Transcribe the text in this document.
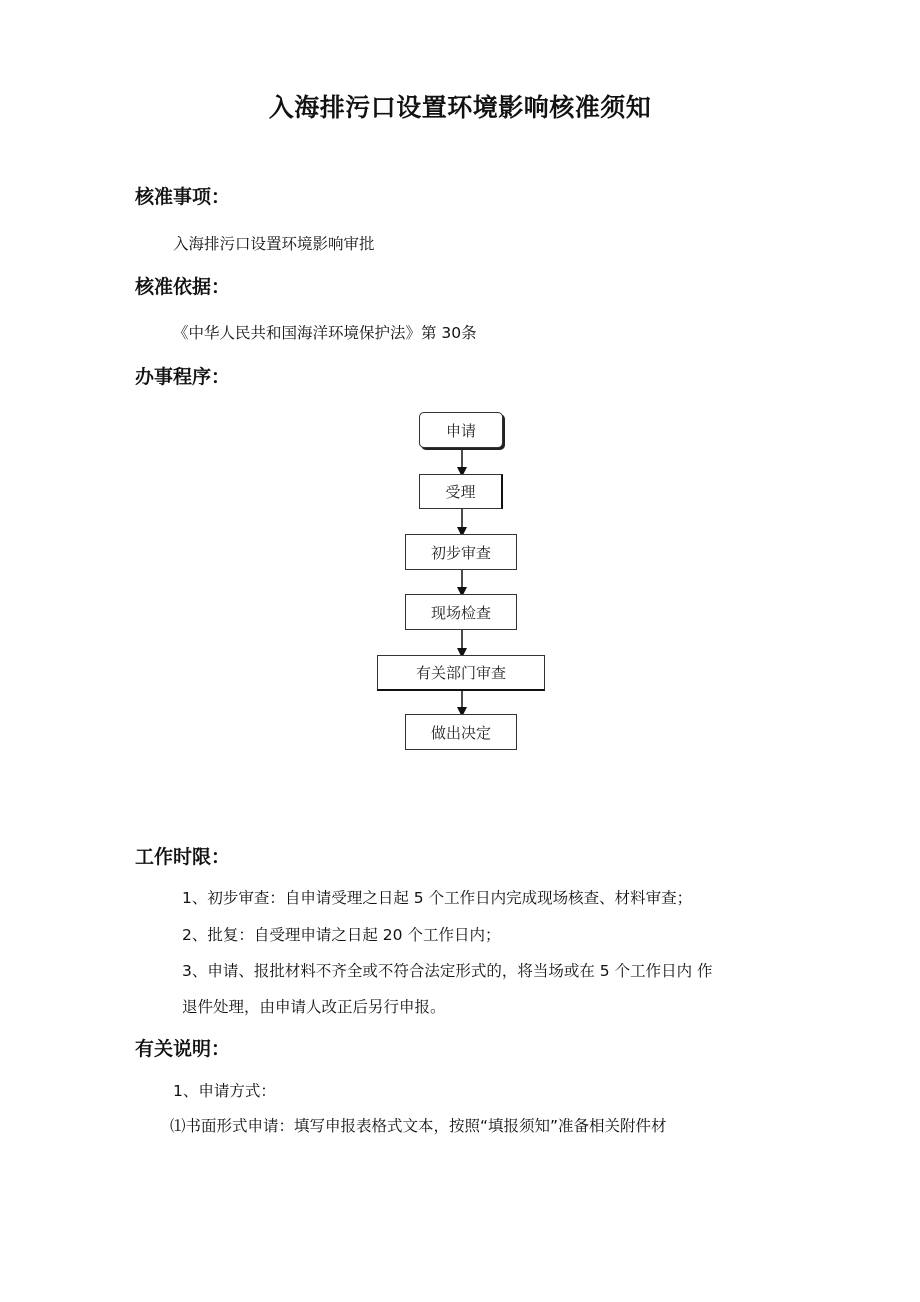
入海排污口设置环境影响核准须知
核准事项：
入海排污口设置环境影响审批
核准依据：
《中华人民共和国海洋环境保护法》第 30条
办事程序：
申请
受理
初步审查
现场检查
有关部门审查
做出决定
工作时限：
1、初步审查：自申请受理之日起 5 个工作日内完成现场核查、材料审查；
2、批复：自受理申请之日起 20 个工作日内；
3、申请、报批材料不齐全或不符合法定形式的，将当场或在 5 个工作日内 作
退件处理，由申请人改正后另行申报。
有关说明：
1、申请方式：
⑴书面形式申请：填写申报表格式文本，按照“填报须知”准备相关附件材
